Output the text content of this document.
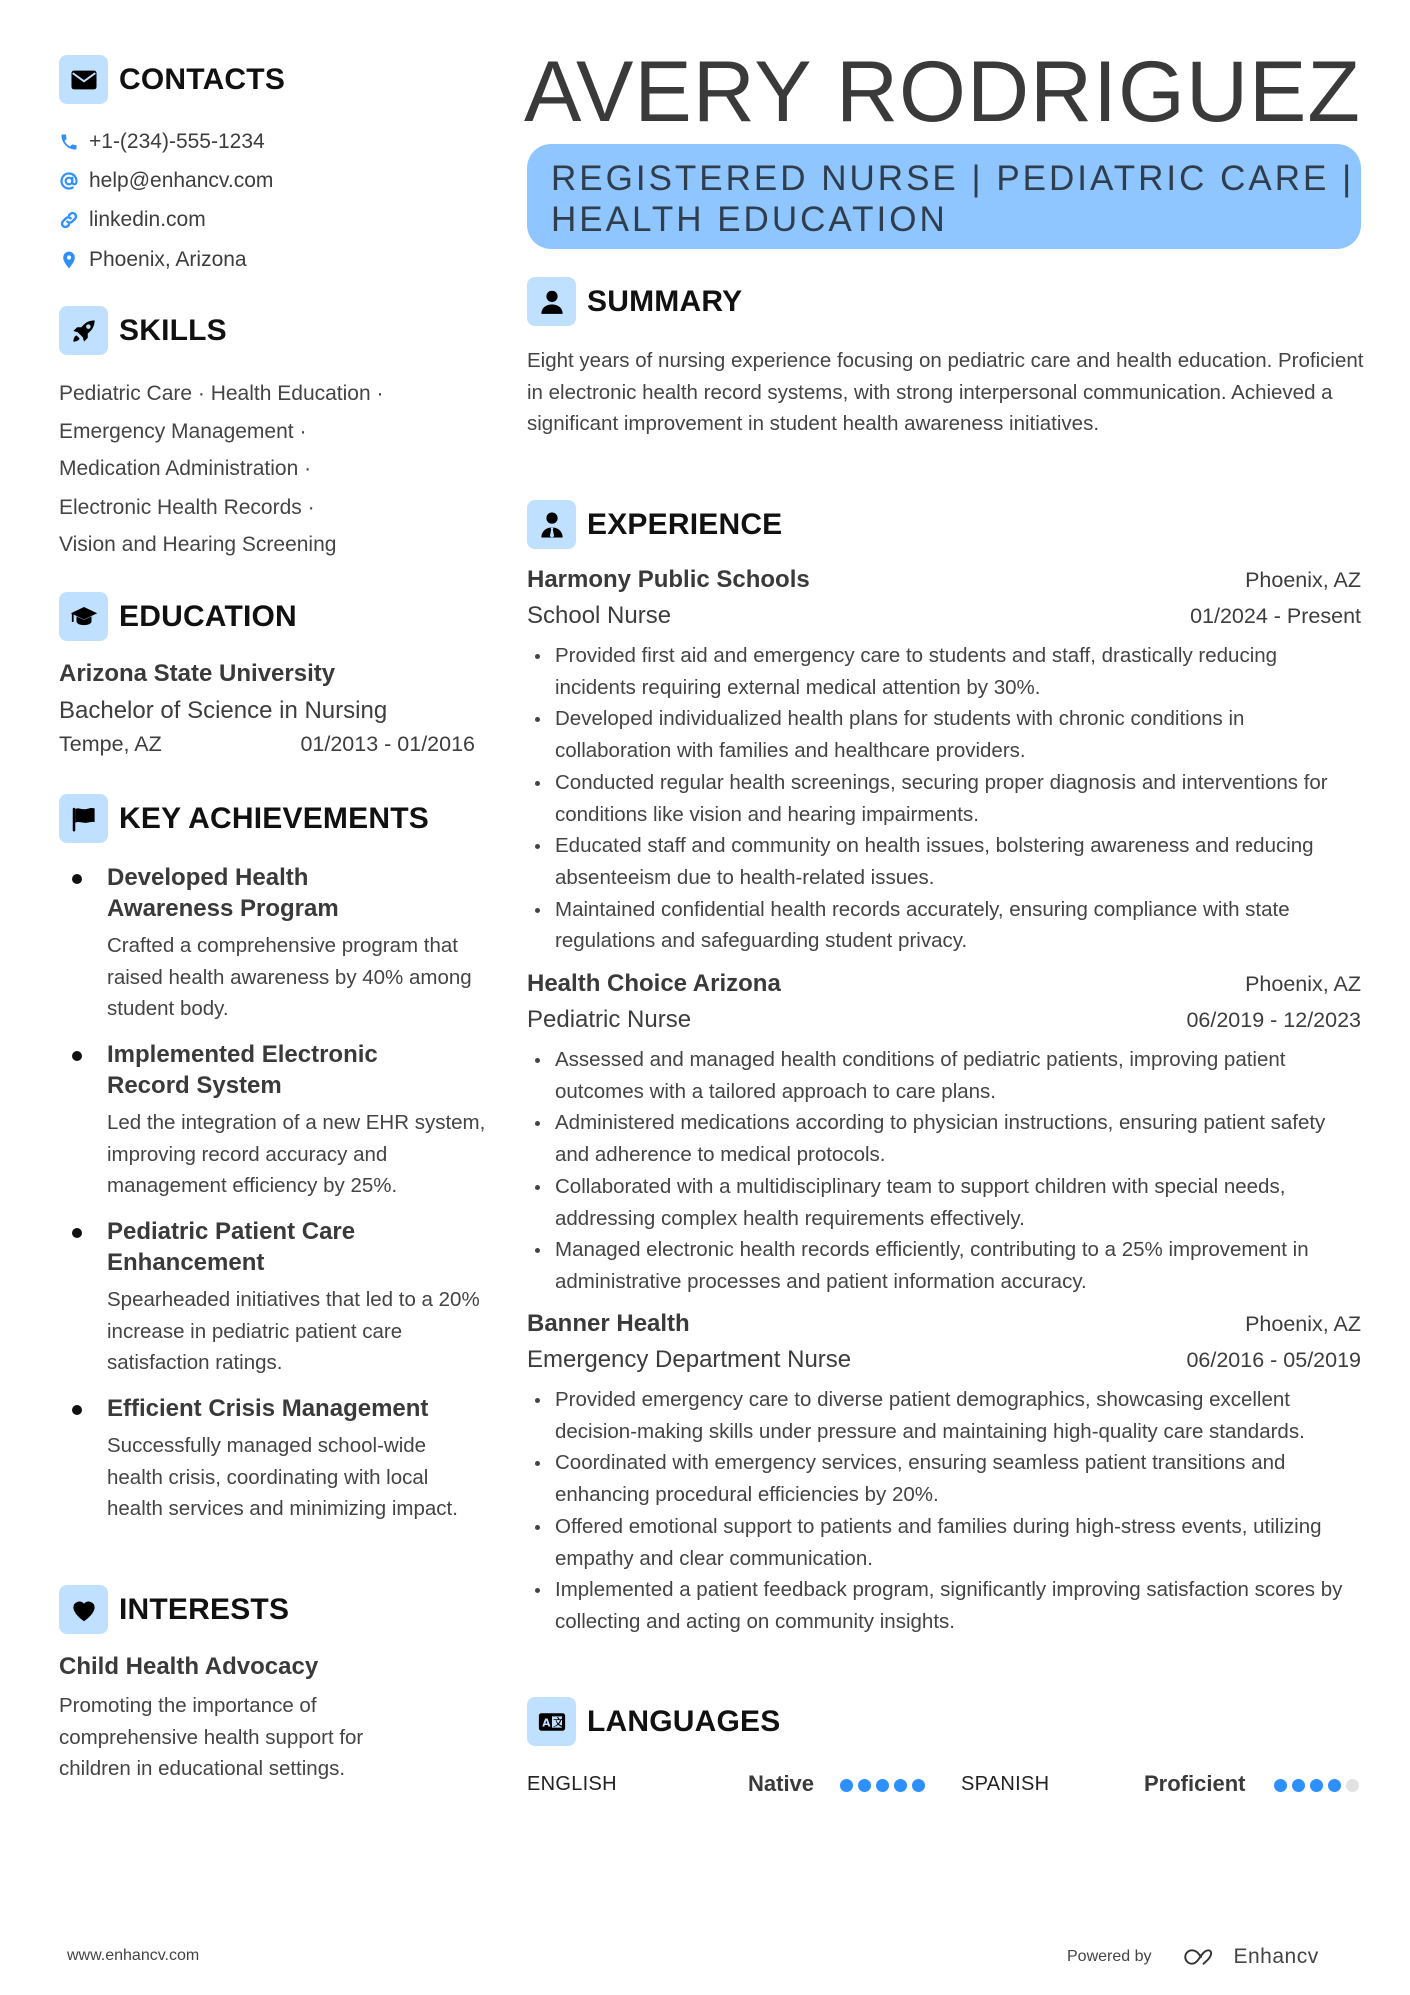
CONTACTS
+1-(234)-555-1234
help@enhancv.com
linkedin.com
Phoenix, Arizona
SKILLS
Pediatric Care · Health Education ·
Emergency Management ·
Medication Administration ·
Electronic Health Records ·
Vision and Hearing Screening
EDUCATION
Arizona State University
Bachelor of Science in Nursing
Tempe, AZ	01/2013 - 01/2016
KEY ACHIEVEMENTS
Developed Health Awareness Program
Crafted a comprehensive program that raised health awareness by 40% among student body.
Implemented Electronic Record System
Led the integration of a new EHR system, improving record accuracy and management efficiency by 25%.
Pediatric Patient Care Enhancement
Spearheaded initiatives that led to a 20% increase in pediatric patient care satisfaction ratings.
Efficient Crisis Management
Successfully managed school-wide health crisis, coordinating with local health services and minimizing impact.
INTERESTS
Child Health Advocacy
Promoting the importance of comprehensive health support for children in educational settings.
AVERY RODRIGUEZ
REGISTERED NURSE | PEDIATRIC CARE |
HEALTH EDUCATION
SUMMARY
Eight years of nursing experience focusing on pediatric care and health education. Proficient in electronic health record systems, with strong interpersonal communication. Achieved a significant improvement in student health awareness initiatives.
EXPERIENCE
Harmony Public Schools	Phoenix, AZ
School Nurse	01/2024 - Present
Provided first aid and emergency care to students and staff, drastically reducing incidents requiring external medical attention by 30%.
Developed individualized health plans for students with chronic conditions in collaboration with families and healthcare providers.
Conducted regular health screenings, securing proper diagnosis and interventions for conditions like vision and hearing impairments.
Educated staff and community on health issues, bolstering awareness and reducing absenteeism due to health-related issues.
Maintained confidential health records accurately, ensuring compliance with state regulations and safeguarding student privacy.
Health Choice Arizona	Phoenix, AZ
Pediatric Nurse	06/2019 - 12/2023
Assessed and managed health conditions of pediatric patients, improving patient outcomes with a tailored approach to care plans.
Administered medications according to physician instructions, ensuring patient safety and adherence to medical protocols.
Collaborated with a multidisciplinary team to support children with special needs, addressing complex health requirements effectively.
Managed electronic health records efficiently, contributing to a 25% improvement in administrative processes and patient information accuracy.
Banner Health	Phoenix, AZ
Emergency Department Nurse	06/2016 - 05/2019
Provided emergency care to diverse patient demographics, showcasing excellent decision-making skills under pressure and maintaining high-quality care standards.
Coordinated with emergency services, ensuring seamless patient transitions and enhancing procedural efficiencies by 20%.
Offered emotional support to patients and families during high-stress events, utilizing empathy and clear communication.
Implemented a patient feedback program, significantly improving satisfaction scores by collecting and acting on community insights.
A 文 LANGUAGES
ENGLISH	Native	SPANISH	Proficient
www.enhancv.com	Powered by	Enhancv
